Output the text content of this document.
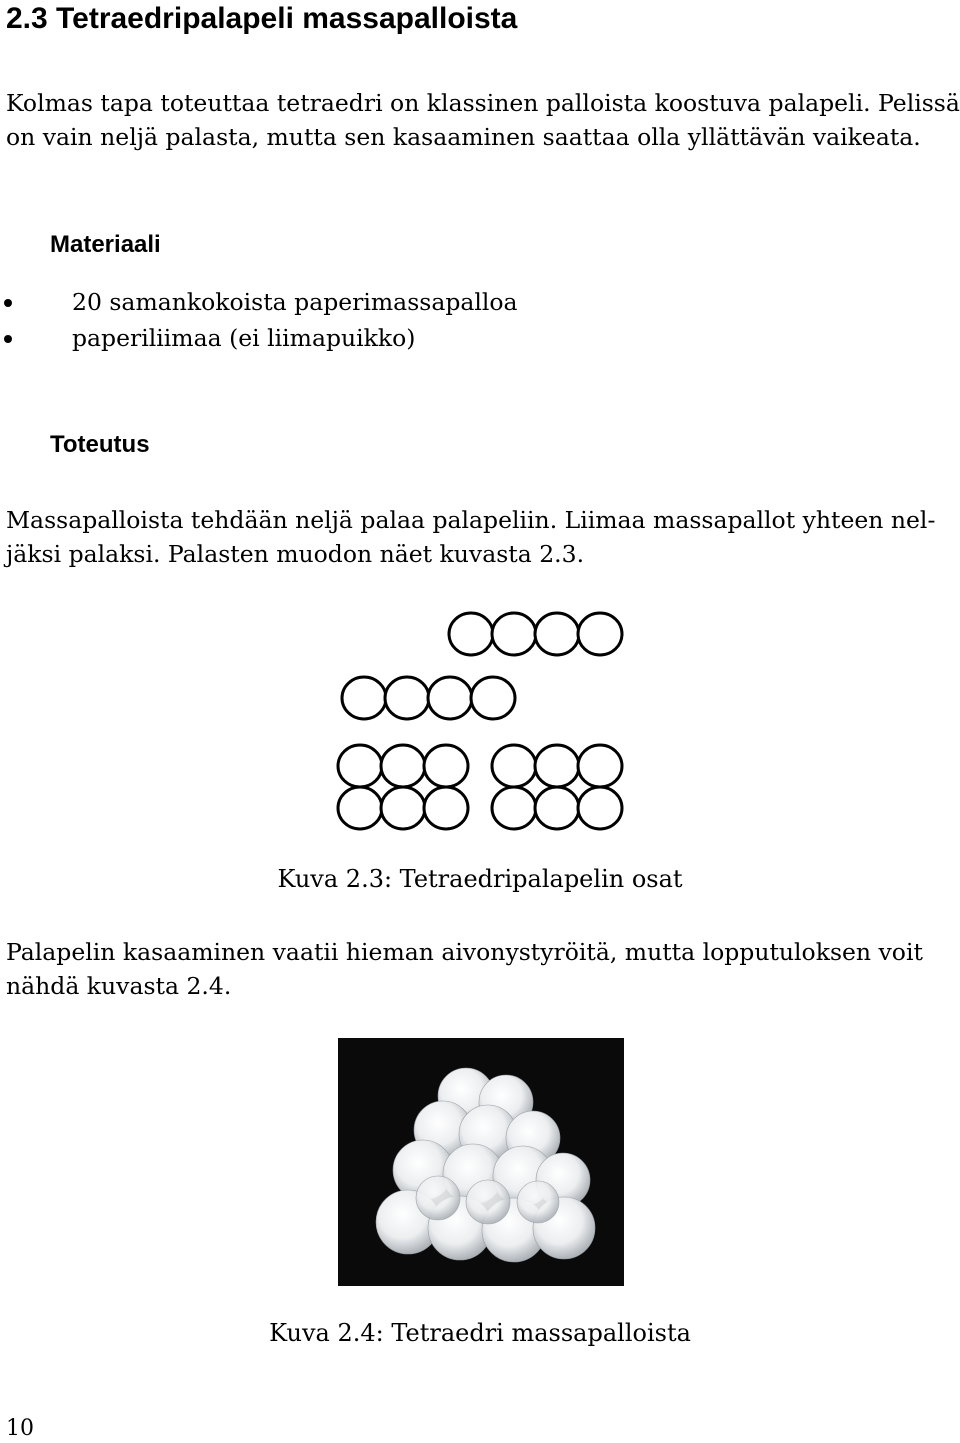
2.3 Tetraedripalapeli massapalloista

Kolmas tapa toteuttaa tetraedri on klassinen palloista koostuva palapeli. Pelissä
on vain neljä palasta, mutta sen kasaaminen saattaa olla yllättävän vaikeata.

Materiaali
20 samankokoista paperimassapalloa
paperiliimaa (ei liimapuikko)
Toteutus

Massapalloista tehdään neljä palaa palapeliin. Liimaa massapallot yhteen nel-
jäksi palaksi. Palasten muodon näet kuvasta 2.3.

Kuva 2.3: Tetraedripalapelin osat

Palapelin kasaaminen vaatii hieman aivonystyröitä, mutta lopputuloksen voit
nähdä kuvasta 2.4.

Kuva 2.4: Tetraedri massapalloista
10
